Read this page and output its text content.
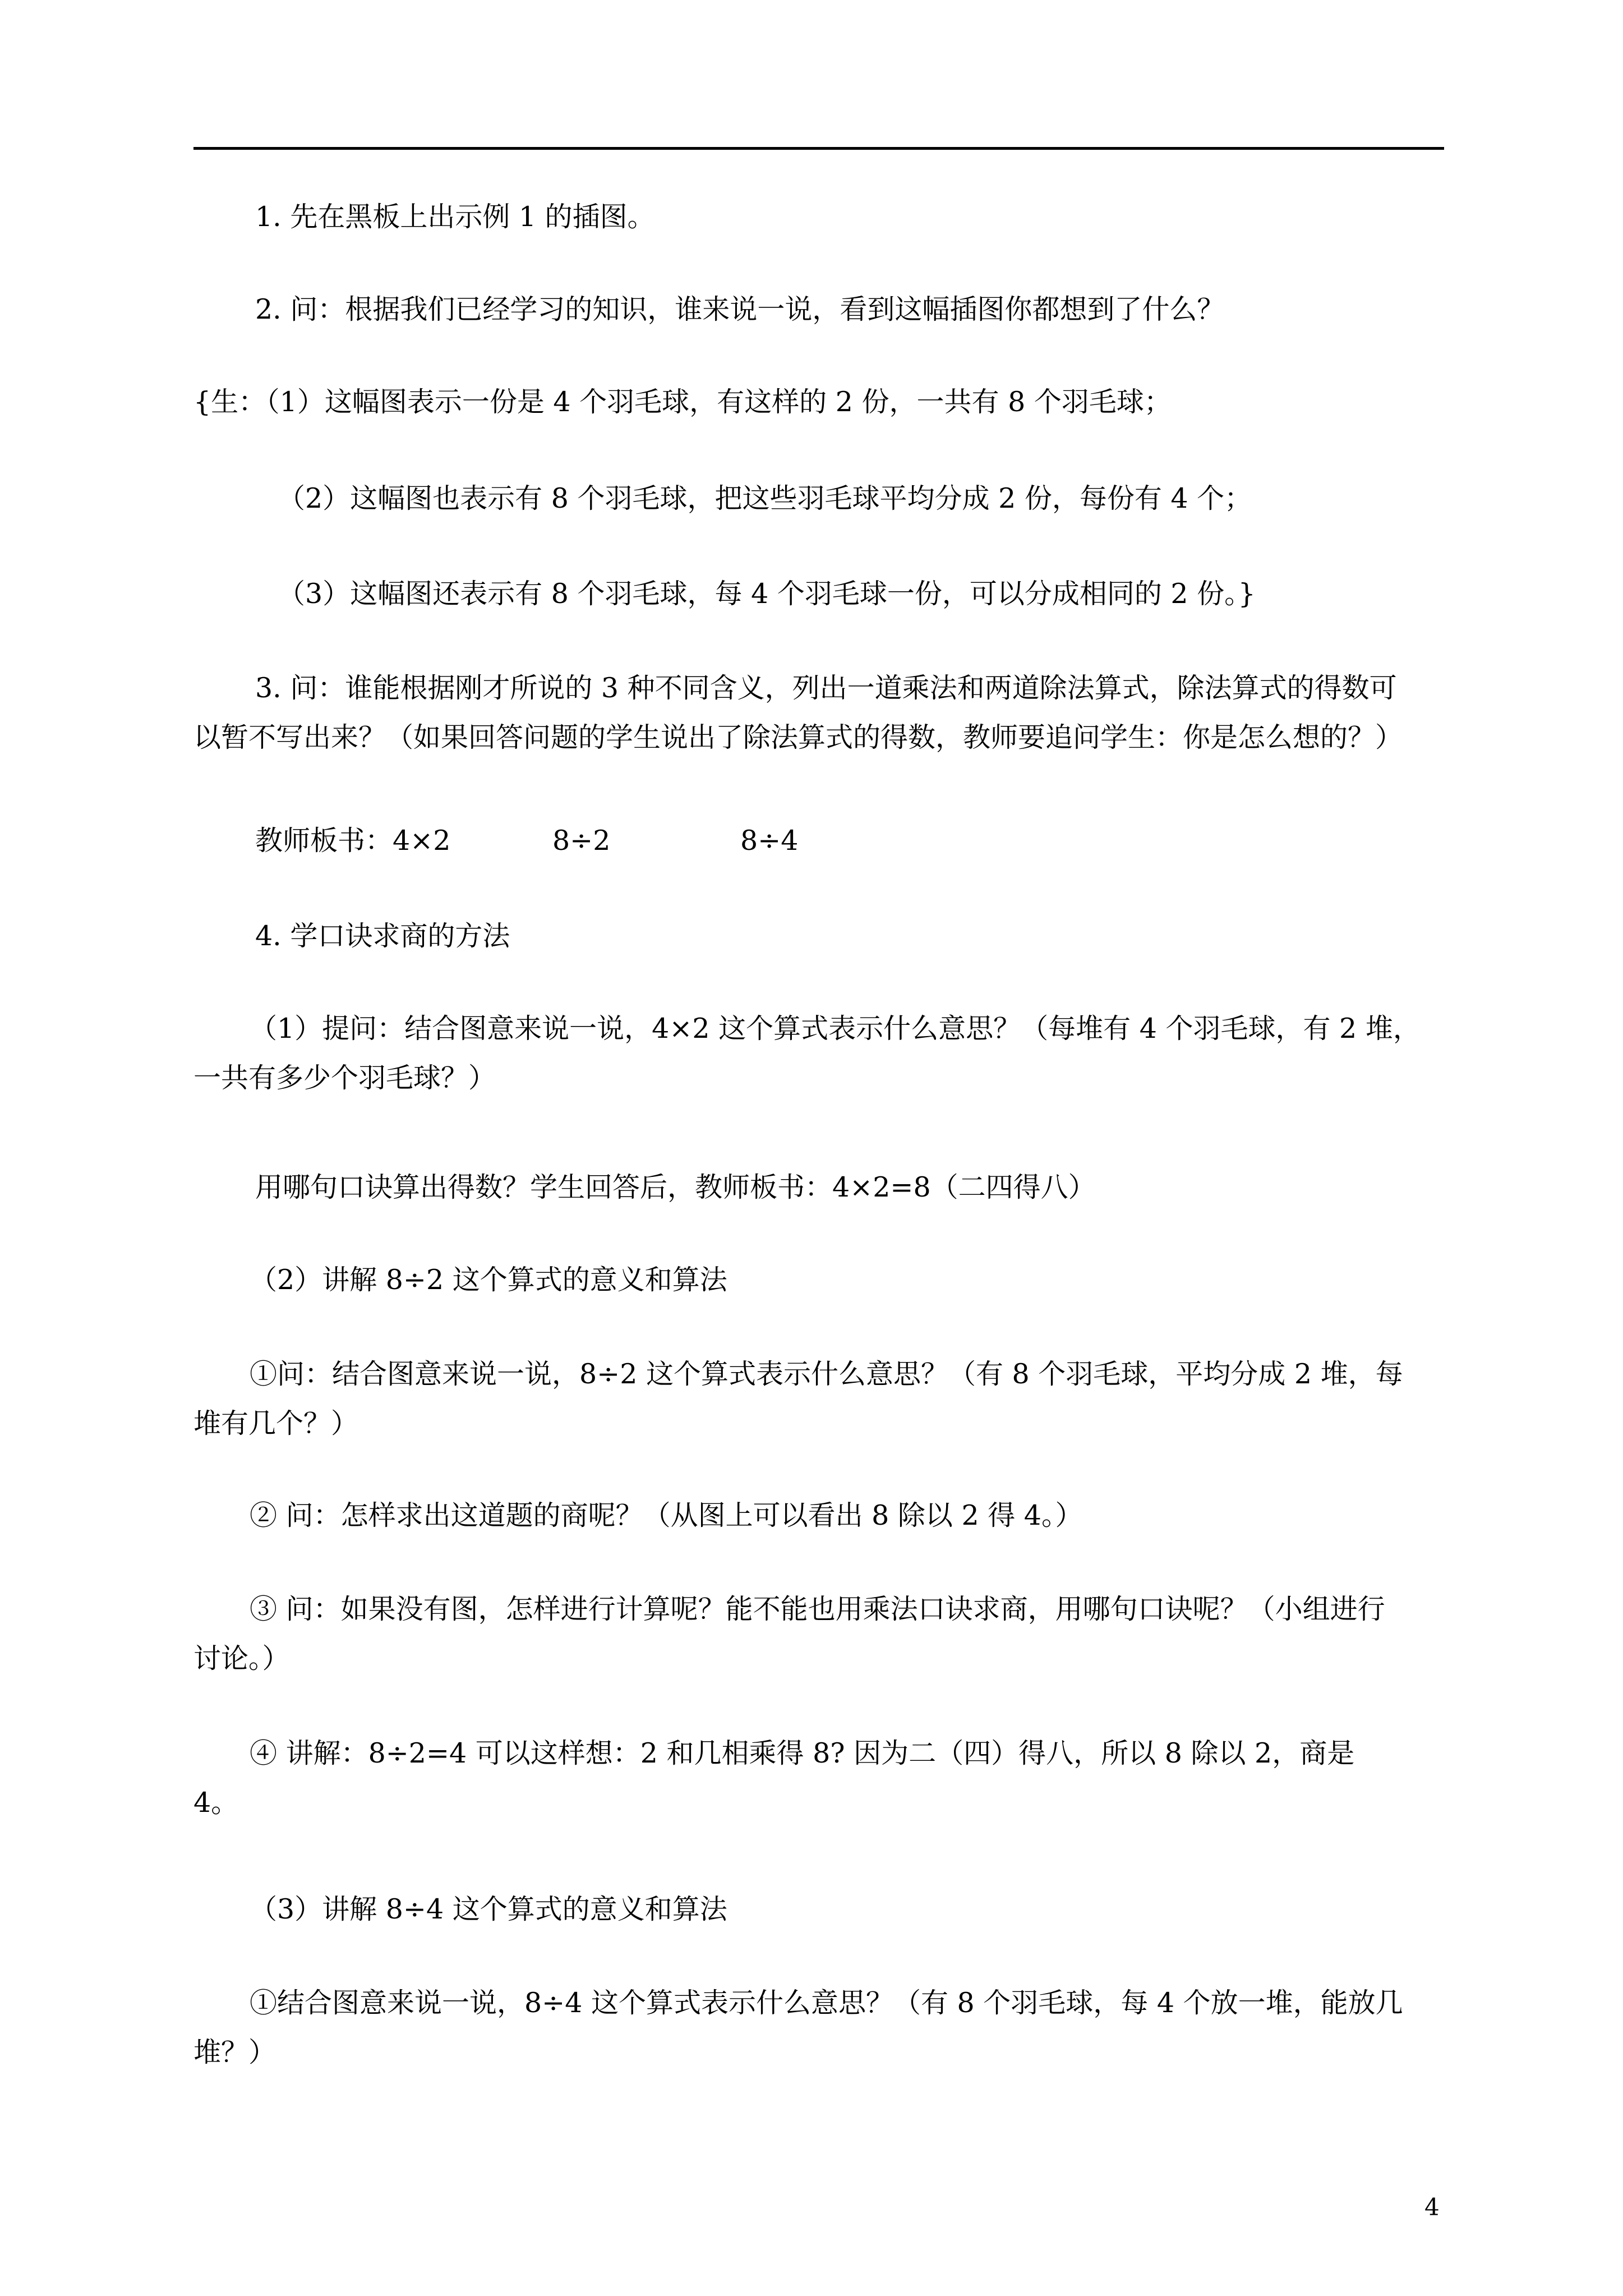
1. 先在黑板上出示例 1 的插图。
2. 问：根据我们已经学习的知识，谁来说一说，看到这幅插图你都想到了什么？
{生：（1）这幅图表示一份是 4 个羽毛球，有这样的 2 份，一共有 8 个羽毛球；
（2）这幅图也表示有 8 个羽毛球，把这些羽毛球平均分成 2 份，每份有 4 个；
（3）这幅图还表示有 8 个羽毛球，每 4 个羽毛球一份，可以分成相同的 2 份。}
3. 问：谁能根据刚才所说的 3 种不同含义，列出一道乘法和两道除法算式，除法算式的得数可
以暂不写出来？（如果回答问题的学生说出了除法算式的得数，教师要追问学生：你是怎么想的？）
教师板书：4×2	8÷2	8÷4
4. 学口诀求商的方法
（1）提问：结合图意来说一说，4×2 这个算式表示什么意思？（每堆有 4 个羽毛球，有 2 堆，
一共有多少个羽毛球？）
用哪句口诀算出得数？学生回答后，教师板书：4×2=8（二四得八）
（2）讲解 8÷2 这个算式的意义和算法
①问：结合图意来说一说，8÷2 这个算式表示什么意思？（有 8 个羽毛球，平均分成 2 堆，每
堆有几个？）
② 问：怎样求出这道题的商呢？（从图上可以看出 8 除以 2 得 4。）
③ 问：如果没有图，怎样进行计算呢？能不能也用乘法口诀求商，用哪句口诀呢？（小组进行
讨论。）
④ 讲解：8÷2=4 可以这样想：2 和几相乘得 8? 因为二（四）得八，所以 8 除以 2，商是
4。
（3）讲解 8÷4 这个算式的意义和算法
①结合图意来说一说，8÷4 这个算式表示什么意思？（有 8 个羽毛球，每 4 个放一堆，能放几
堆？）
4
